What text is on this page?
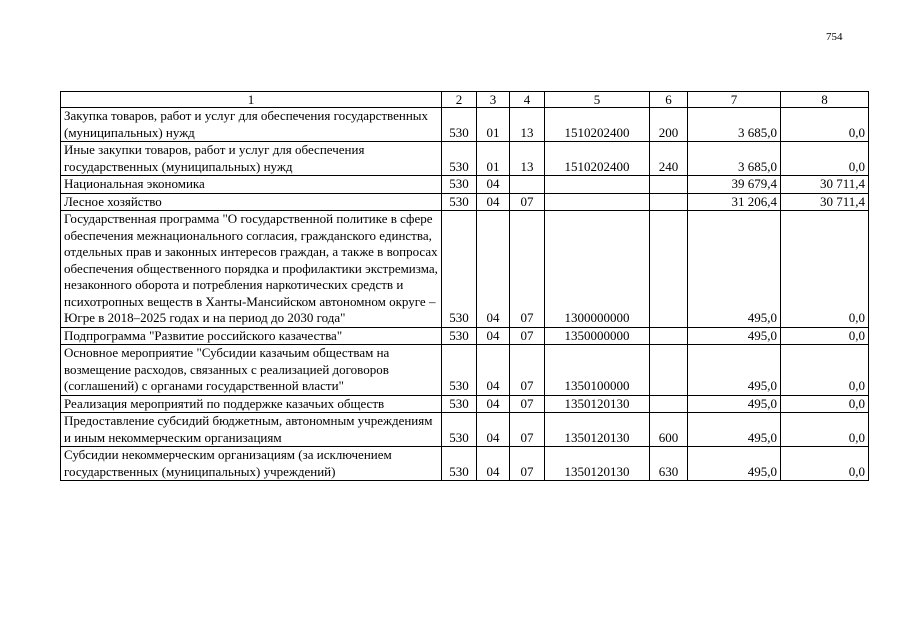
754
1	2	3	4	5	6	7	8
Закупка товаров, работ и услуг для обеспечения государственных (муниципальных) нужд	530	01	13	1510202400	200	3 685,0	0,0
Иные закупки товаров, работ и услуг для обеспечения государственных (муниципальных) нужд	530	01	13	1510202400	240	3 685,0	0,0
Национальная экономика	530	04				39 679,4	30 711,4
Лесное хозяйство	530	04	07			31 206,4	30 711,4
Государственная программа "О государственной политике в сфере обеспечения межнационального согласия, гражданского единства, отдельных прав и законных интересов граждан, а также в вопросах обеспечения общественного порядка и профилактики экстремизма, незаконного оборота и потребления наркотических средств и психотропных веществ в Ханты-Мансийском автономном округе – Югре в 2018–2025 годах и на период до 2030 года"	530	04	07	1300000000		495,0	0,0
Подпрограмма "Развитие российского казачества"	530	04	07	1350000000		495,0	0,0
Основное мероприятие "Субсидии казачьим обществам на возмещение расходов, связанных с реализацией договоров (соглашений) с органами государственной власти"	530	04	07	1350100000		495,0	0,0
Реализация мероприятий по поддержке казачьих обществ	530	04	07	1350120130		495,0	0,0
Предоставление субсидий бюджетным, автономным учреждениям и иным некоммерческим организациям	530	04	07	1350120130	600	495,0	0,0
Субсидии некоммерческим организациям (за исключением государственных (муниципальных) учреждений)	530	04	07	1350120130	630	495,0	0,0
